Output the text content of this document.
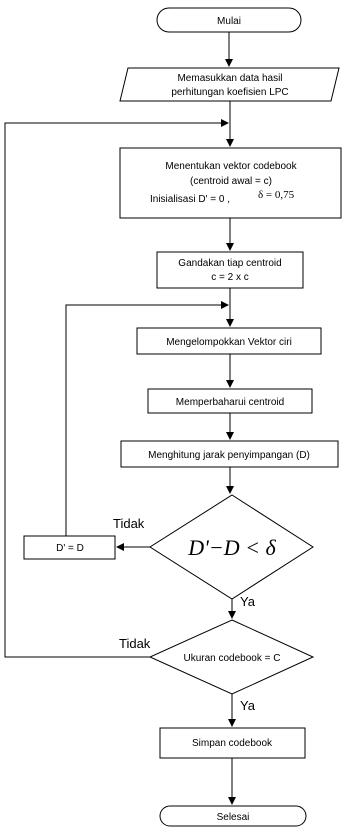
Mulai
Memasukkan data hasil
perhitungan koefisien LPC
Menentukan vektor codebook
(centroid awal = c)
Inisialisasi D' = 0 ,	δ = 0,75
Gandakan tiap centroid
c = 2 x c
Mengelompokkan Vektor ciri
Memperbaharui centroid
Menghitung jarak penyimpangan (D)
D'−D < δ
D' = D
Ukuran codebook = C
Simpan codebook
Selesai
Tidak
Ya
Tidak
Ya
